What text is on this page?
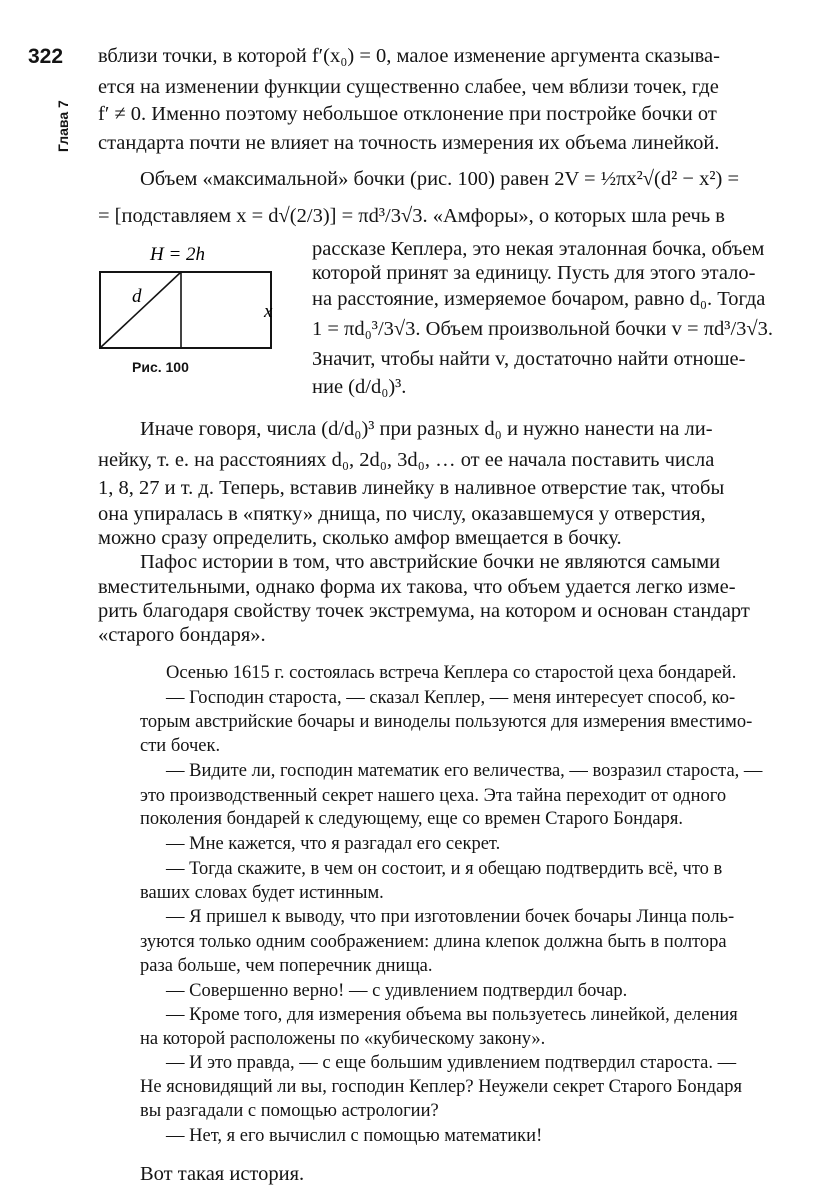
322
Глава 7
вблизи точки, в которой f′(x₀) = 0, малое изменение аргумента сказыва-
ется на изменении функции существенно слабее, чем вблизи точек, где
f′ ≠ 0. Именно поэтому небольшое отклонение при постройке бочки от
стандарта почти не влияет на точность измерения их объема линейкой.
Объем «максимальной» бочки (рис. 100) равен 2V = ½πx²√(d² − x²) =
= [подставляем x = d√(2/3)] = πd³/3√3. «Амфоры», о которых шла речь в
рассказе Кеплера, это некая эталонная бочка, объем
которой принят за единицу. Пусть для этого этало-
на расстояние, измеряемое бочаром, равно d₀. Тогда
1 = πd₀³/3√3. Объем произвольной бочки v = πd³/3√3.
Значит, чтобы найти v, достаточно найти отноше-
ние (d/d₀)³.
H = 2h
d
x
Рис. 100
Иначе говоря, числа (d/d₀)³ при разных d₀ и нужно нанести на ли-
нейку, т. е. на расстояниях d₀, 2d₀, 3d₀, … от ее начала поставить числа
1, 8, 27 и т. д. Теперь, вставив линейку в наливное отверстие так, чтобы
она упиралась в «пятку» днища, по числу, оказавшемуся у отверстия,
можно сразу определить, сколько амфор вмещается в бочку.
Пафос истории в том, что австрийские бочки не являются самыми
вместительными, однако форма их такова, что объем удается легко изме-
рить благодаря свойству точек экстремума, на котором и основан стандарт
«старого бондаря».
Осенью 1615 г. состоялась встреча Кеплера со старостой цеха бондарей.
— Господин староста, — сказал Кеплер, — меня интересует способ, ко-
торым австрийские бочары и виноделы пользуются для измерения вместимо-
сти бочек.
— Видите ли, господин математик его величества, — возразил староста, —
это производственный секрет нашего цеха. Эта тайна переходит от одного
поколения бондарей к следующему, еще со времен Старого Бондаря.
— Мне кажется, что я разгадал его секрет.
— Тогда скажите, в чем он состоит, и я обещаю подтвердить всё, что в
ваших словах будет истинным.
— Я пришел к выводу, что при изготовлении бочек бочары Линца поль-
зуются только одним соображением: длина клепок должна быть в полтора
раза больше, чем поперечник днища.
— Совершенно верно! — с удивлением подтвердил бочар.
— Кроме того, для измерения объема вы пользуетесь линейкой, деления
на которой расположены по «кубическому закону».
— И это правда, — с еще большим удивлением подтвердил староста. —
Не ясновидящий ли вы, господин Кеплер? Неужели секрет Старого Бондаря
вы разгадали с помощью астрологии?
— Нет, я его вычислил с помощью математики!
Вот такая история.
